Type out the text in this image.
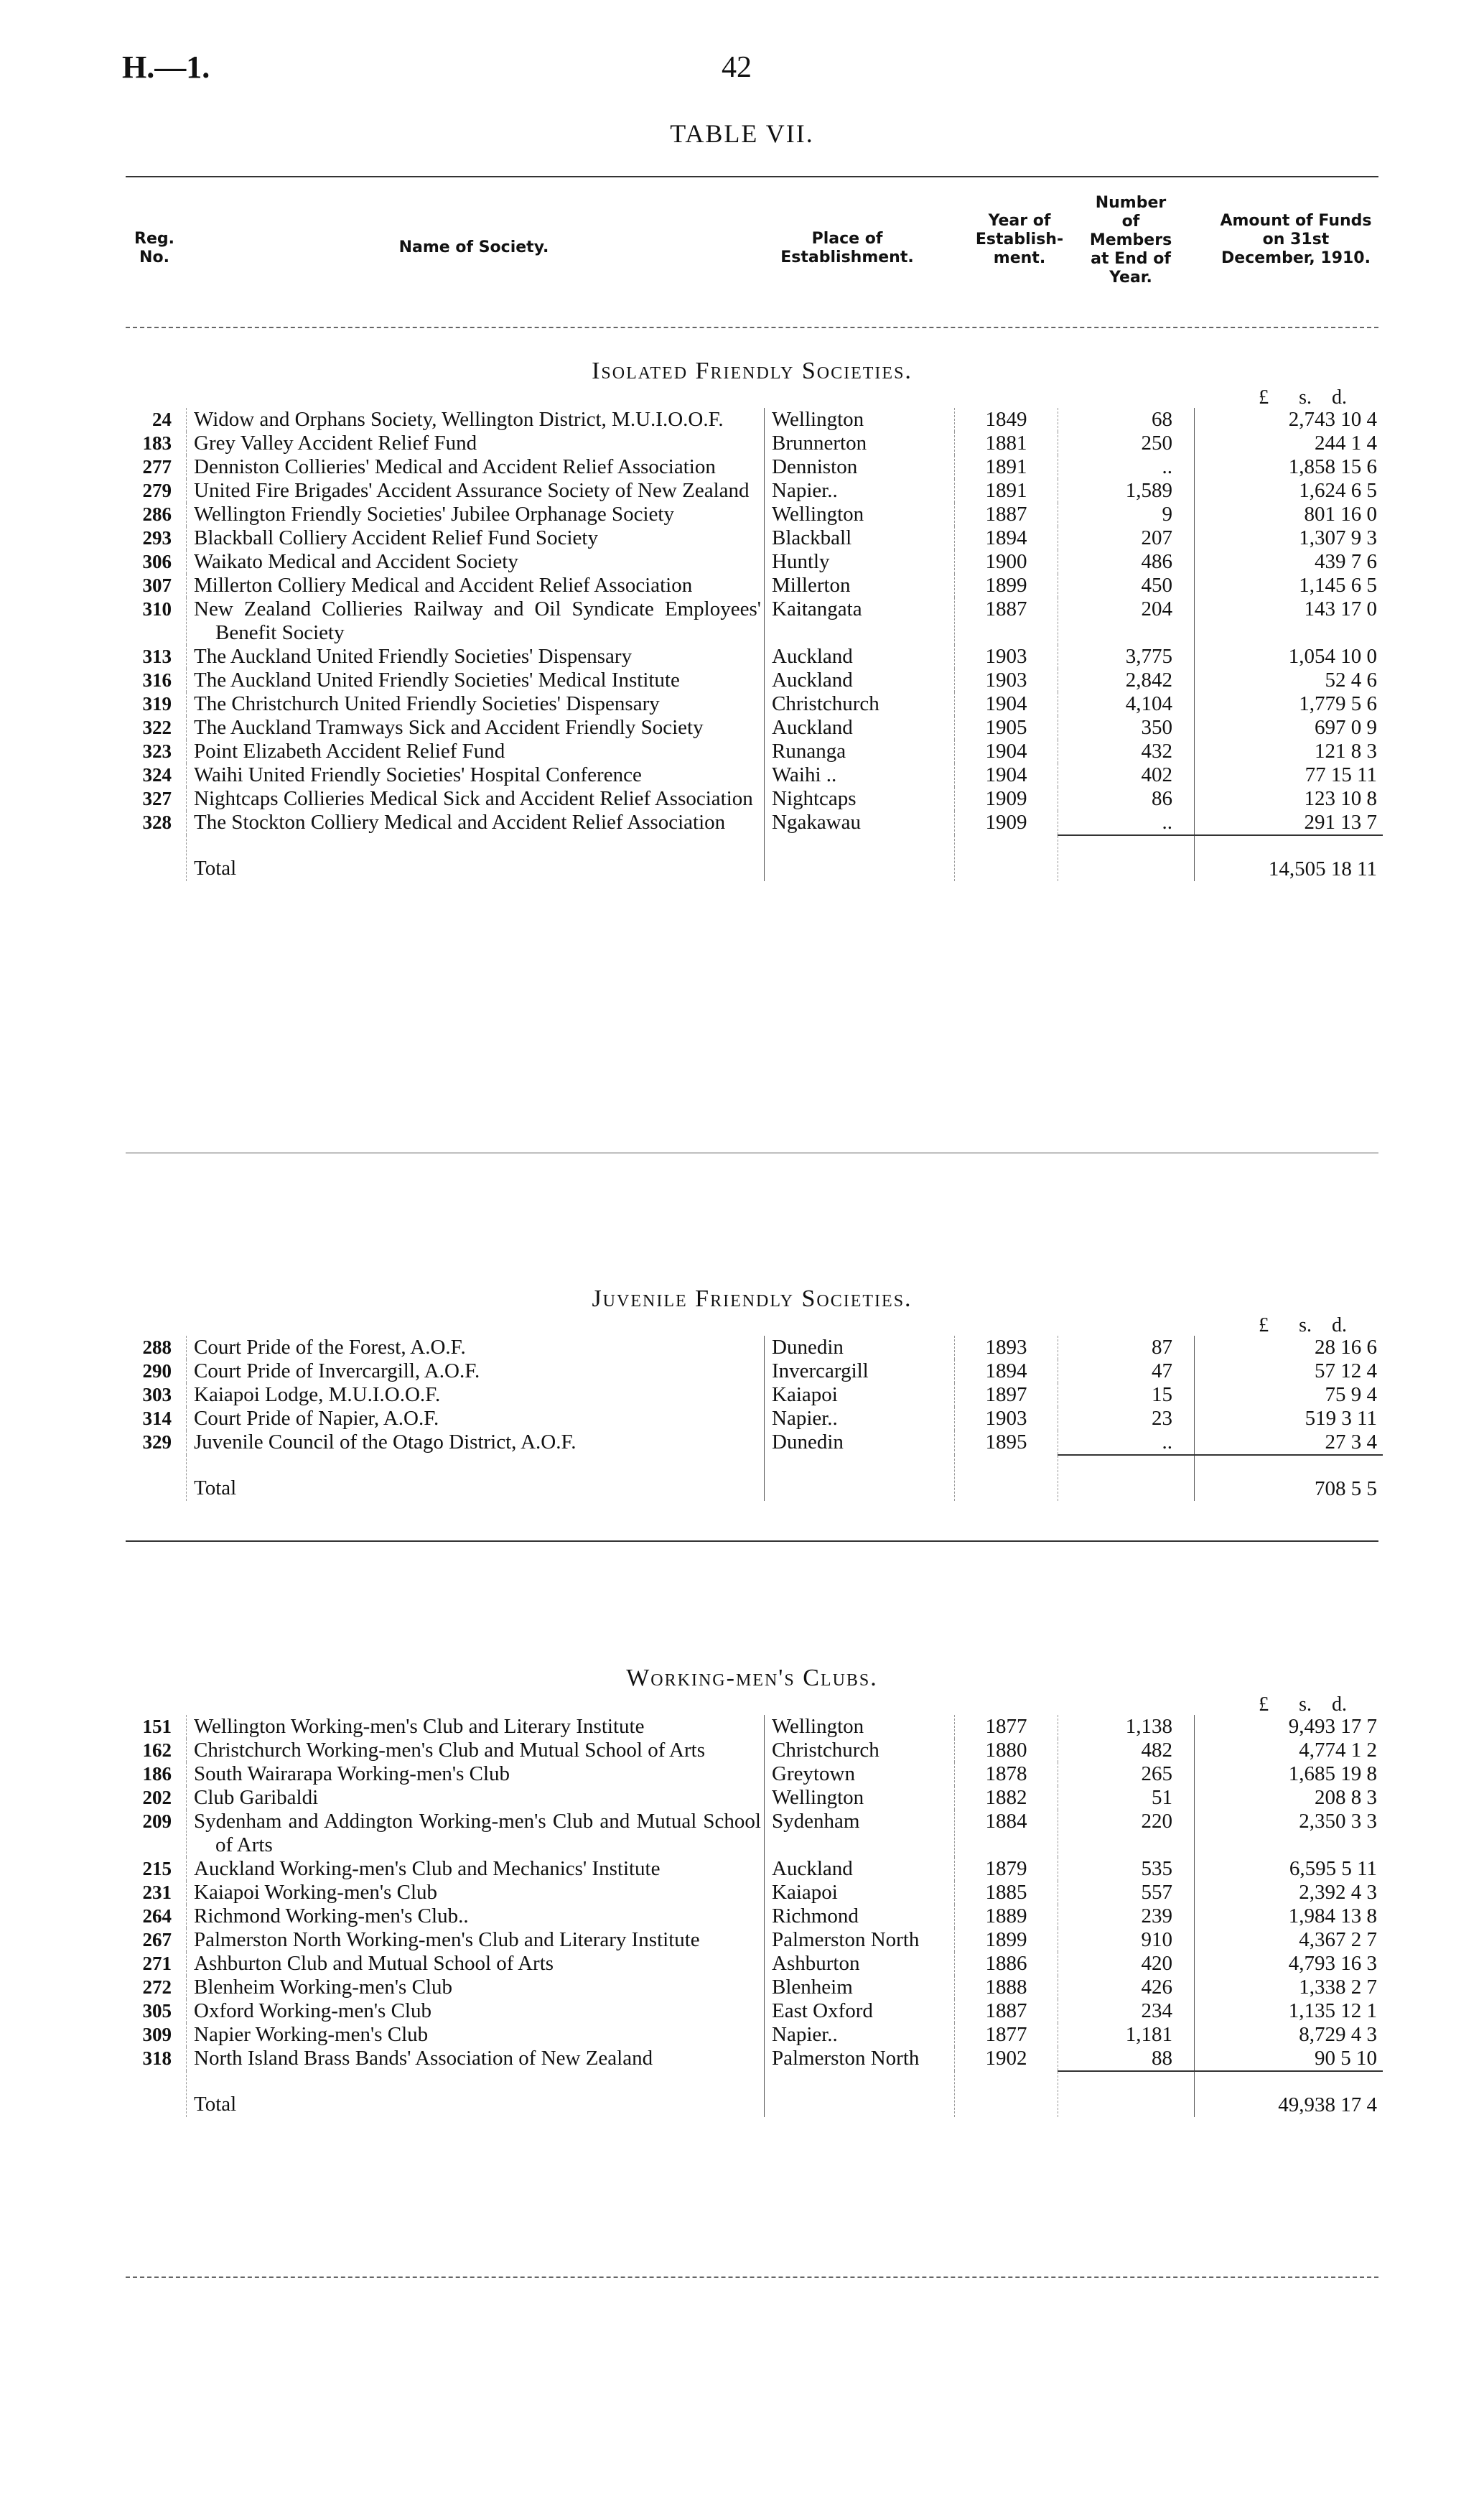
H.—1.	42
TABLE VII.
Reg. No.
Name of Society.	Place of Establishment.
Year of Establish-ment.
Number of Members at End of Year.
Amount of Funds on 31st December, 1910.
Isolated Friendly Societies.
£      s.    d.
24	Widow and Orphans Society, Wellington District, M.U.I.O.O.F.	Wellington	1849	68	2,743 10 4
183	Grey Valley Accident Relief Fund	Brunnerton	1881	250	244 1 4
277	Denniston Collieries' Medical and Accident Relief Association	Denniston	1891	..	1,858 15 6
279	United Fire Brigades' Accident Assurance Society of New Zealand	Napier..	1891	1,589	1,624 6 5
286	Wellington Friendly Societies' Jubilee Orphanage Society	Wellington	1887	9	801 16 0
293	Blackball Colliery Accident Relief Fund Society	Blackball	1894	207	1,307 9 3
306	Waikato Medical and Accident Society	Huntly	1900	486	439 7 6
307	Millerton Colliery Medical and Accident Relief Association	Millerton	1899	450	1,145 6 5
310	New Zealand Collieries Railway and Oil Syndicate Employees' Benefit Society	Kaitangata	1887	204	143 17 0
313	The Auckland United Friendly Societies' Dispensary	Auckland	1903	3,775	1,054 10 0
316	The Auckland United Friendly Societies' Medical Institute	Auckland	1903	2,842	52 4 6
319	The Christchurch United Friendly Societies' Dispensary	Christchurch	1904	4,104	1,779 5 6
322	The Auckland Tramways Sick and Accident Friendly Society	Auckland	1905	350	697 0 9
323	Point Elizabeth Accident Relief Fund	Runanga	1904	432	121 8 3
324	Waihi United Friendly Societies' Hospital Conference	Waihi ..	1904	402	77 15 11
327	Nightcaps Collieries Medical Sick and Accident Relief Association	Nightcaps	1909	86	123 10 8
328	The Stockton Colliery Medical and Accident Relief Association	Ngakawau	1909	..	291 13 7
	Total				14,505 18 11
Juvenile Friendly Societies.
£      s.    d.
288	Court Pride of the Forest, A.O.F.	Dunedin	1893	87	28 16 6
290	Court Pride of Invercargill, A.O.F.	Invercargill	1894	47	57 12 4
303	Kaiapoi Lodge, M.U.I.O.O.F.	Kaiapoi	1897	15	75 9 4
314	Court Pride of Napier, A.O.F.	Napier..	1903	23	519 3 11
329	Juvenile Council of the Otago District, A.O.F.	Dunedin	1895	..	27 3 4
	Total				708 5 5
Working-men's Clubs.
£      s.    d.
151	Wellington Working-men's Club and Literary Institute	Wellington	1877	1,138	9,493 17 7
162	Christchurch Working-men's Club and Mutual School of Arts	Christchurch	1880	482	4,774 1 2
186	South Wairarapa Working-men's Club	Greytown	1878	265	1,685 19 8
202	Club Garibaldi	Wellington	1882	51	208 8 3
209	Sydenham and Addington Working-men's Club and Mutual School of Arts	Sydenham	1884	220	2,350 3 3
215	Auckland Working-men's Club and Mechanics' Institute	Auckland	1879	535	6,595 5 11
231	Kaiapoi Working-men's Club	Kaiapoi	1885	557	2,392 4 3
264	Richmond Working-men's Club..	Richmond	1889	239	1,984 13 8
267	Palmerston North Working-men's Club and Literary Institute	Palmerston North	1899	910	4,367 2 7
271	Ashburton Club and Mutual School of Arts	Ashburton	1886	420	4,793 16 3
272	Blenheim Working-men's Club	Blenheim	1888	426	1,338 2 7
305	Oxford Working-men's Club	East Oxford	1887	234	1,135 12 1
309	Napier Working-men's Club	Napier..	1877	1,181	8,729 4 3
318	North Island Brass Bands' Association of New Zealand	Palmerston North	1902	88	90 5 10
	Total				49,938 17 4
